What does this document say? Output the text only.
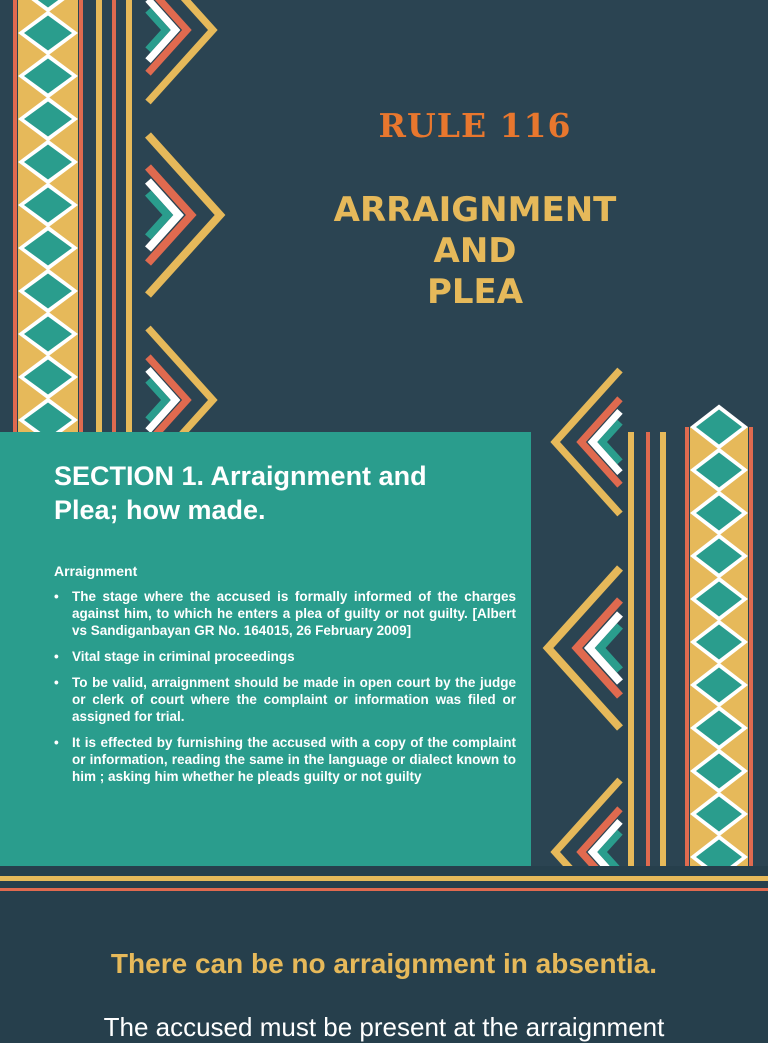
RULE 116
ARRAIGNMENT
AND
PLEA
SECTION 1. Arraignment and Plea; how made.
Arraignment
• The stage where the accused is formally informed of the charges against him, to which he enters a plea of guilty or not guilty. [Albert vs Sandiganbayan GR No. 164015, 26 February 2009]
• Vital stage in criminal proceedings
• To be valid, arraignment should be made in open court by the judge or clerk of court where the complaint or information was filed or assigned for trial.
• It is effected by furnishing the accused with a copy of the complaint or information, reading the same in the language or dialect known to him ; asking him whether he pleads guilty or not guilty
There can be no arraignment in absentia.
The accused must be present at the arraignment
